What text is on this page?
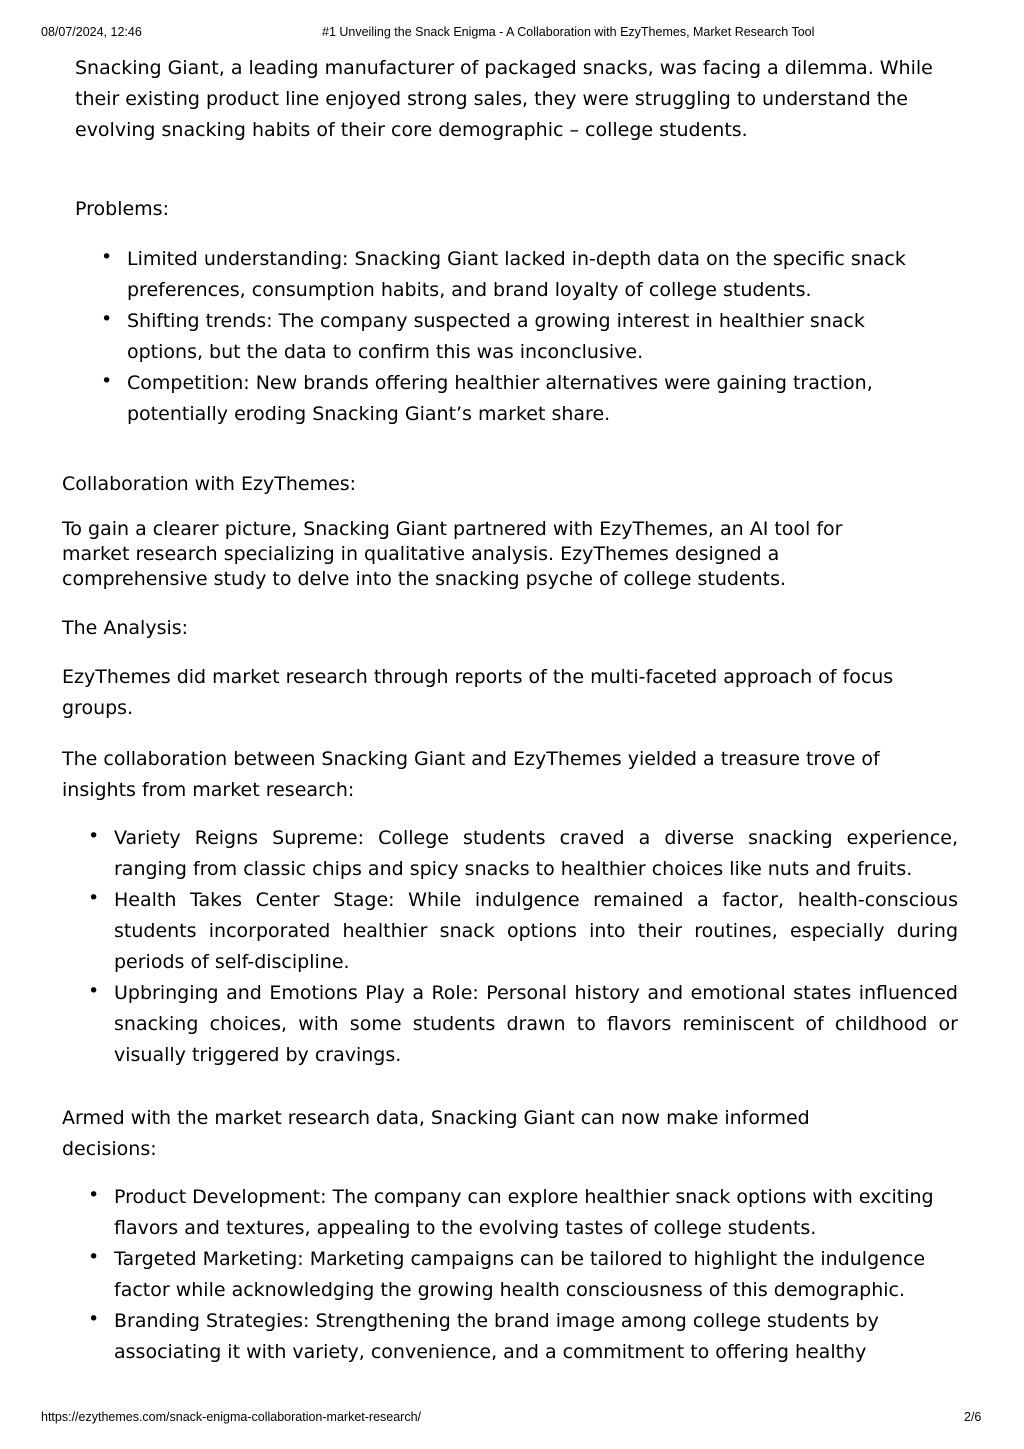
08/07/2024, 12:46	#1 Unveiling the Snack Enigma - A Collaboration with EzyThemes, Market Research Tool

Snacking Giant, a leading manufacturer of packaged snacks, was facing a dilemma. While their existing product line enjoyed strong sales, they were struggling to understand the evolving snacking habits of their core demographic – college students.

Problems:

• Limited understanding: Snacking Giant lacked in-depth data on the specific snack preferences, consumption habits, and brand loyalty of college students.
• Shifting trends: The company suspected a growing interest in healthier snack options, but the data to confirm this was inconclusive.
• Competition: New brands offering healthier alternatives were gaining traction, potentially eroding Snacking Giant’s market share.

Collaboration with EzyThemes:

To gain a clearer picture, Snacking Giant partnered with EzyThemes, an AI tool for market research specializing in qualitative analysis. EzyThemes designed a comprehensive study to delve into the snacking psyche of college students.

The Analysis:

EzyThemes did market research through reports of the multi-faceted approach of focus groups.

The collaboration between Snacking Giant and EzyThemes yielded a treasure trove of insights from market research:

• Variety Reigns Supreme: College students craved a diverse snacking experience, ranging from classic chips and spicy snacks to healthier choices like nuts and fruits.
• Health Takes Center Stage: While indulgence remained a factor, health-conscious students incorporated healthier snack options into their routines, especially during periods of self-discipline.
• Upbringing and Emotions Play a Role: Personal history and emotional states influenced snacking choices, with some students drawn to flavors reminiscent of childhood or visually triggered by cravings.

Armed with the market research data, Snacking Giant can now make informed decisions:

• Product Development: The company can explore healthier snack options with exciting flavors and textures, appealing to the evolving tastes of college students.
• Targeted Marketing: Marketing campaigns can be tailored to highlight the indulgence factor while acknowledging the growing health consciousness of this demographic.
• Branding Strategies: Strengthening the brand image among college students by associating it with variety, convenience, and a commitment to offering healthy
https://ezythemes.com/snack-enigma-collaboration-market-research/	2/6
